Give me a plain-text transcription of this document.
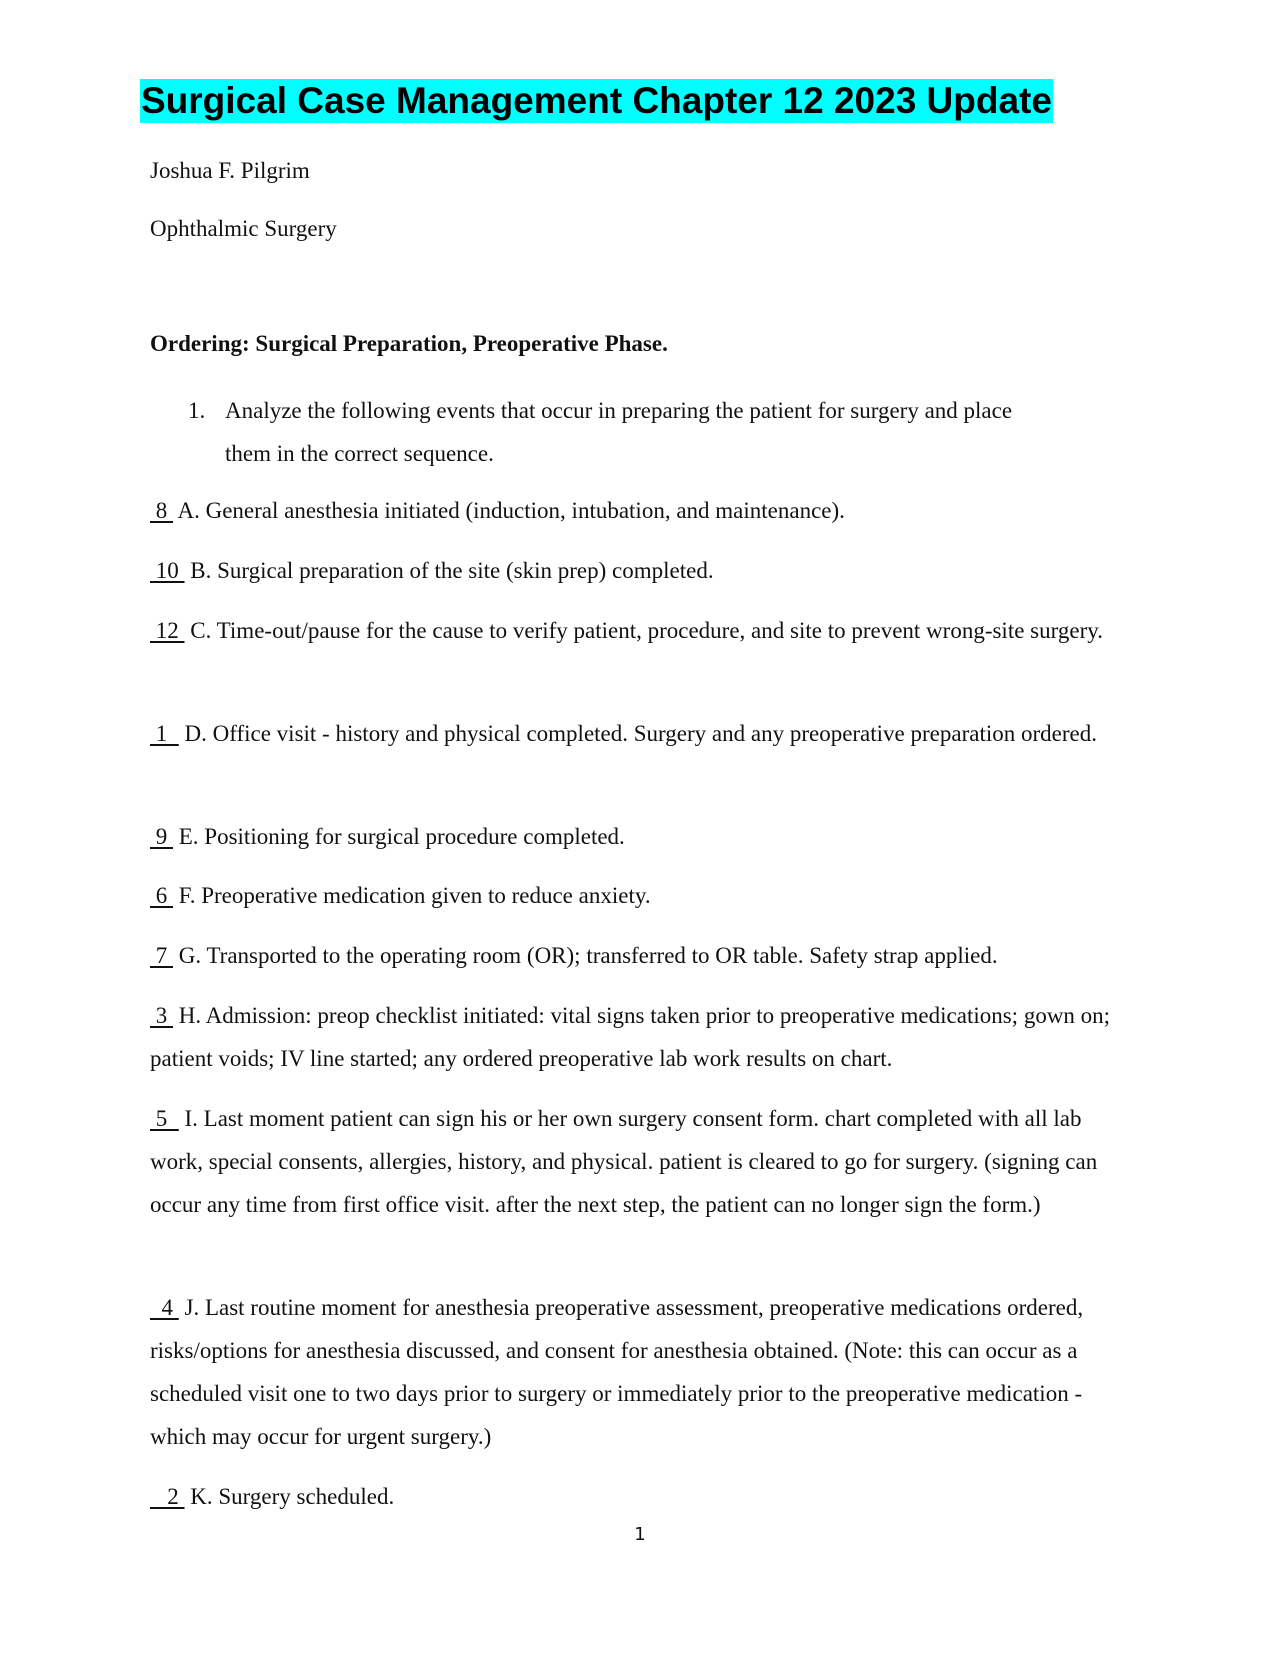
Surgical Case Management Chapter 12 2023 Update
Joshua F. Pilgrim
Ophthalmic Surgery
Ordering: Surgical Preparation, Preoperative Phase.
1. Analyze the following events that occur in preparing the patient for surgery and place them in the correct sequence.
8  A. General anesthesia initiated (induction, intubation, and maintenance).
10  B. Surgical preparation of the site (skin prep) completed.
12  C. Time-out/pause for the cause to verify patient, procedure, and site to prevent wrong-site surgery.
1   D. Office visit - history and physical completed. Surgery and any preoperative preparation ordered.
9  E. Positioning for surgical procedure completed.
6  F. Preoperative medication given to reduce anxiety.
7  G. Transported to the operating room (OR); transferred to OR table. Safety strap applied.
3  H. Admission: preop checklist initiated: vital signs taken prior to preoperative medications; gown on; patient voids; IV line started; any ordered preoperative lab work results on chart.
5   I. Last moment patient can sign his or her own surgery consent form. chart completed with all lab work, special consents, allergies, history, and physical. patient is cleared to go for surgery. (signing can occur any time from first office visit. after the next step, the patient can no longer sign the form.)
4  J. Last routine moment for anesthesia preoperative assessment, preoperative medications ordered, risks/options for anesthesia discussed, and consent for anesthesia obtained. (Note: this can occur as a scheduled visit one to two days prior to surgery or immediately prior to the preoperative medication - which may occur for urgent surgery.)
2  K. Surgery scheduled.
1
